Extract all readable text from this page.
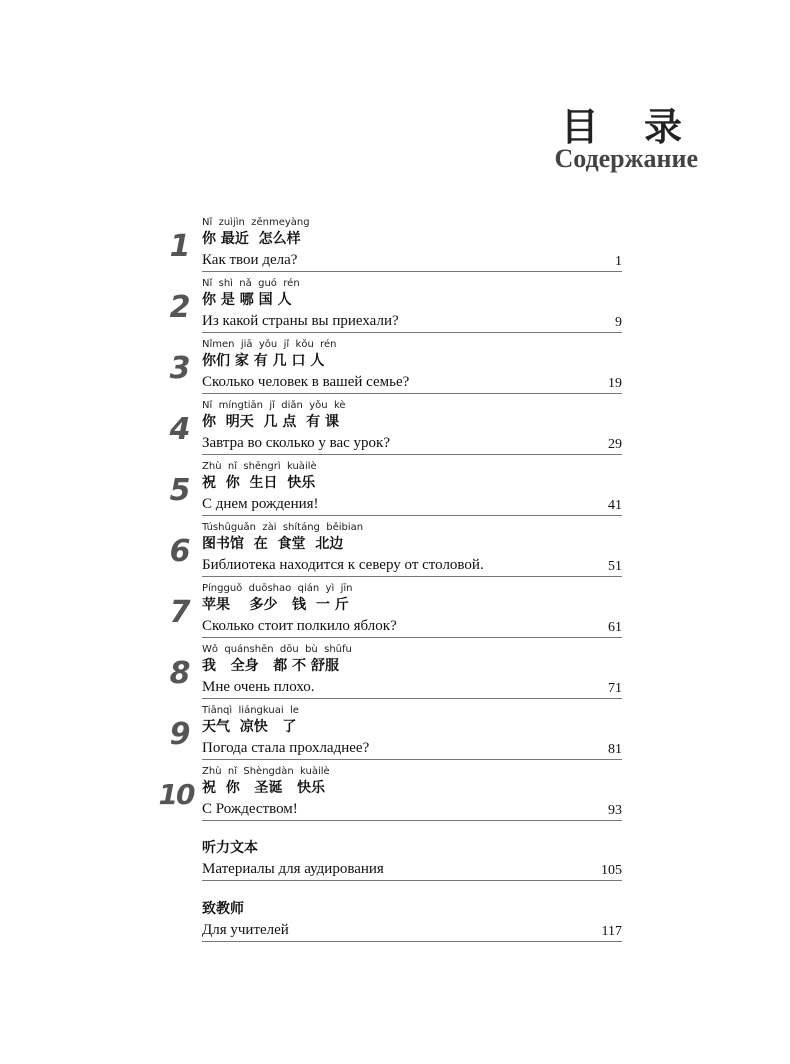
目 录
Содержание
1
Nǐ  zuìjìn  zěnmeyàng
你 最近  怎么样
Как твои дела?	1
2
Nǐ  shì  nǎ  guó  rén
你 是 哪 国 人
Из какой страны вы приехали?	9
3
Nǐmen  jiā  yǒu  jǐ  kǒu  rén
你们 家 有 几 口 人
Сколько человек в вашей семье?	19
4
Nǐ  míngtiān  jǐ  diǎn  yǒu  kè
你  明天  几 点  有 课
Завтра во сколько у вас урок?	29
5
Zhù  nǐ  shēngrì  kuàilè
祝  你  生日  快乐
С днем рождения!	41
6
Túshūguǎn  zài  shítáng  běibian
图书馆  在  食堂  北边
Библиотека находится к северу от столовой.	51
7
Píngguǒ  duōshao  qián  yì  jīn
苹果    多少   钱  一 斤
Сколько стоит полкило яблок?	61
8
Wǒ  quánshēn  dōu  bù  shūfu
我   全身   都 不 舒服
Мне очень плохо.	71
9
Tiānqì  liángkuai  le
天气  凉快   了
Погода стала прохладнее?	81
10
Zhù  nǐ  Shèngdàn  kuàilè
祝  你   圣诞   快乐
С Рождеством!	93
听力文本
Материалы для аудирования	105
致教师
Для учителей	117
